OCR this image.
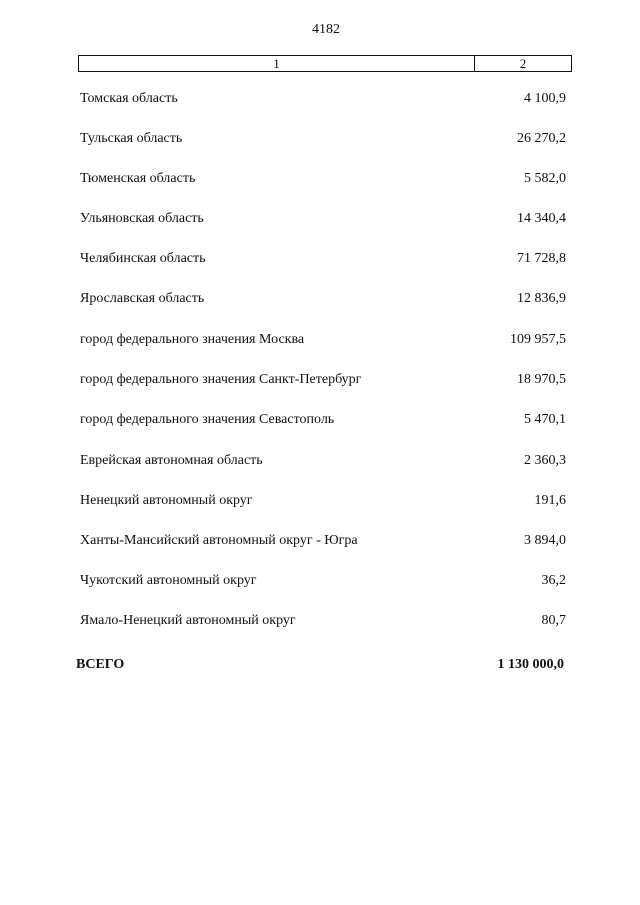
4182
1	2
Томская область	4 100,9
Тульская область	26 270,2
Тюменская область	5 582,0
Ульяновская область	14 340,4
Челябинская область	71 728,8
Ярославская область	12 836,9
город федерального значения Москва	109 957,5
город федерального значения Санкт-Петербург	18 970,5
город федерального значения Севастополь	5 470,1
Еврейская автономная область	2 360,3
Ненецкий автономный округ	191,6
Ханты-Мансийский автономный округ - Югра	3 894,0
Чукотский автономный округ	36,2
Ямало-Ненецкий автономный округ	80,7
ВСЕГО	1 130 000,0
